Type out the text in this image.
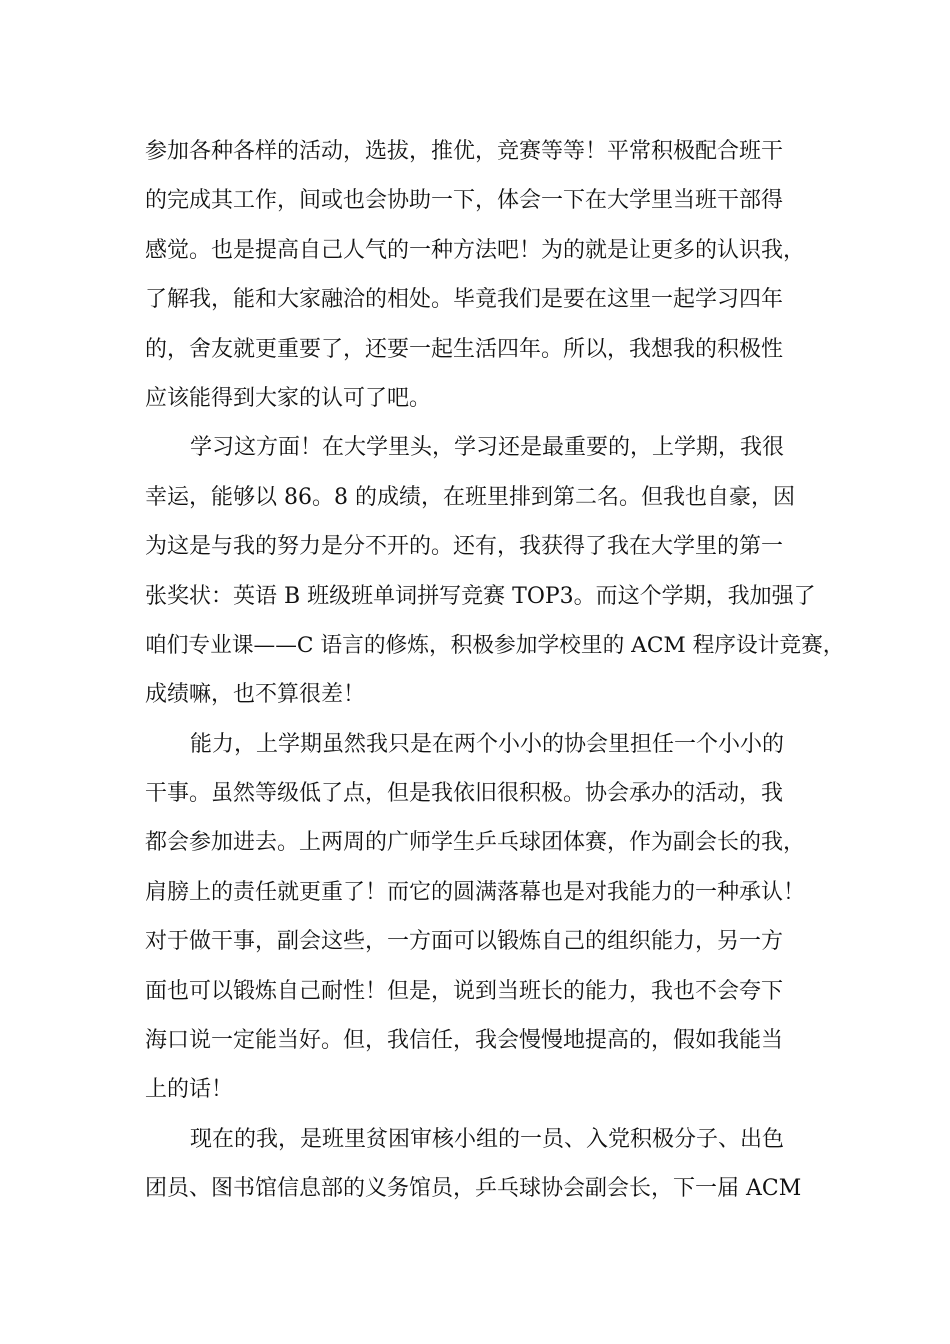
参加各种各样的活动，选拔，推优，竞赛等等！平常积极配合班干
的完成其工作，间或也会协助一下，体会一下在大学里当班干部得
感觉。也是提高自己人气的一种方法吧！为的就是让更多的认识我，
了解我，能和大家融洽的相处。毕竟我们是要在这里一起学习四年
的，舍友就更重要了，还要一起生活四年。所以，我想我的积极性
应该能得到大家的认可了吧。
学习这方面！在大学里头，学习还是最重要的，上学期，我很
幸运，能够以 86。8 的成绩，在班里排到第二名。但我也自豪，因
为这是与我的努力是分不开的。还有，我获得了我在大学里的第一
张奖状：英语 B 班级班单词拼写竞赛 TOP3。而这个学期，我加强了
咱们专业课——C 语言的修炼，积极参加学校里的 ACM 程序设计竞赛，
成绩嘛，也不算很差！
能力，上学期虽然我只是在两个小小的协会里担任一个小小的
干事。虽然等级低了点，但是我依旧很积极。协会承办的活动，我
都会参加进去。上两周的广师学生乒乓球团体赛，作为副会长的我，
肩膀上的责任就更重了！而它的圆满落幕也是对我能力的一种承认！
对于做干事，副会这些，一方面可以锻炼自己的组织能力，另一方
面也可以锻炼自己耐性！但是，说到当班长的能力，我也不会夸下
海口说一定能当好。但，我信任，我会慢慢地提高的，假如我能当
上的话！
现在的我，是班里贫困审核小组的一员、入党积极分子、出色
团员、图书馆信息部的义务馆员，乒乓球协会副会长，下一届 ACM
